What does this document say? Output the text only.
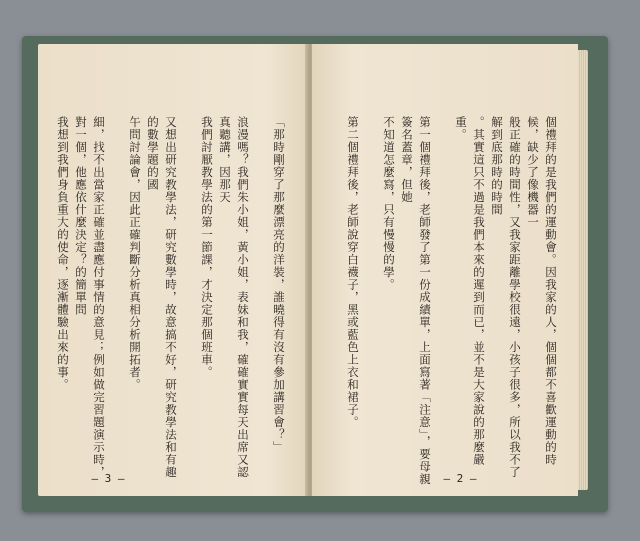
「那時剛穿了那麼漂亮的洋裝，誰曉得有沒有參加講習會？」

浪漫嗎？我們朱小姐，黃小姐，表妹和我，確確實實每天出席又認真聽講，因那天
我們討厭教學法的第一節課，才決定那個班車。

又想出研究教學法，研究數學時，故意搞不好，研究教學法和有趣的數學題的國
午問討論會，因此正確判斷分析真相分析開拓者。

細，找不出當家正確並盡應付事情的意見；例如做完習題演示時，對一個，他應依什麼決定？的簡單問
我想到我們身負重大的使命，逐漸體驗出來的事。

— 3 —
個禮拜的是我們的運動會。因我家的人，個個都不喜歡運動的時候，缺少了像機器一
般正確的時間性，又我家距離學校很遠，小孩子很多，所以我不了解到底那時的時間
。其實這只不過是我們本來的遲到而已，並不是大家說的那麼嚴重。

第一個禮拜後，老師發了第一份成績單，上面寫著「注意」，要母親簽名蓋章，但她
不知道怎麼寫，只有慢慢的學。

第二個禮拜後，老師說穿白襪子，黑或藍色上衣和裙子。

— 2 —
